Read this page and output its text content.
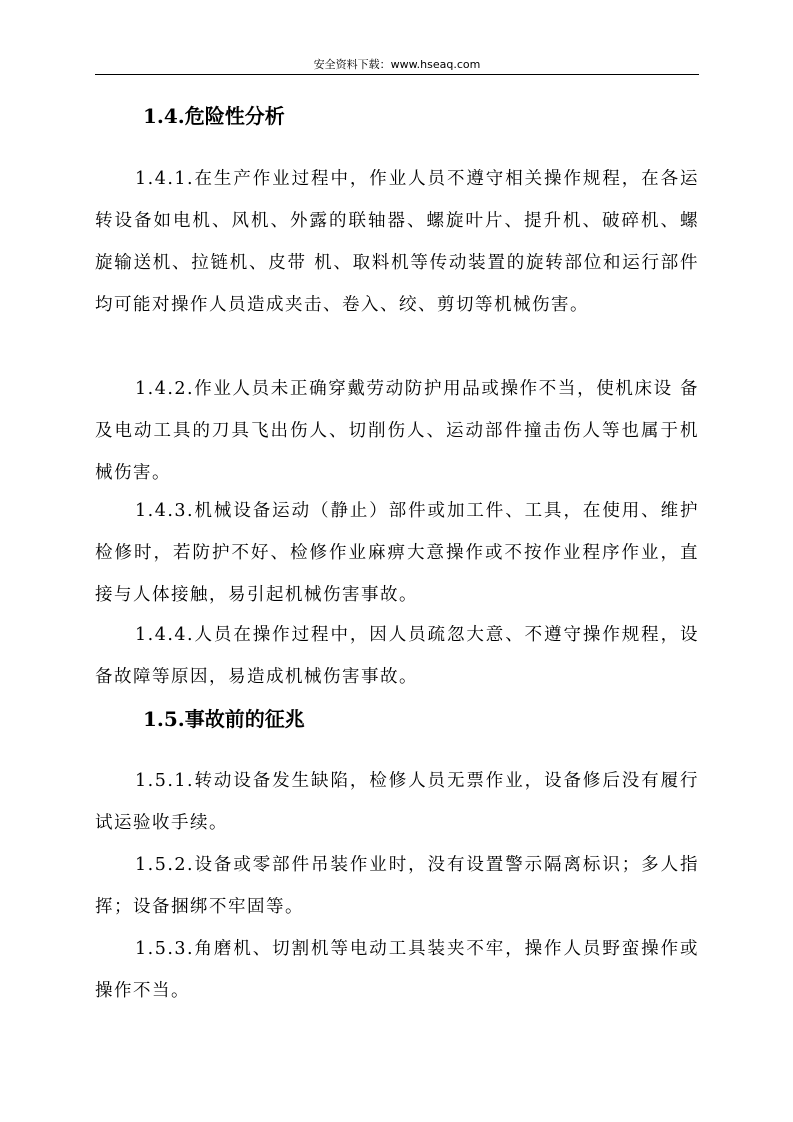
安全资料下载：www.hseaq.com
1.4.危险性分析
1.4.1.在生产作业过程中，作业人员不遵守相关操作规程，在各运转设备如电机、风机、外露的联轴器、螺旋叶片、提升机、破碎机、螺旋输送机、拉链机、皮带 机、取料机等传动装置的旋转部位和运行部件均可能对操作人员造成夹击、卷入、绞、剪切等机械伤害。
1.4.2.作业人员未正确穿戴劳动防护用品或操作不当，使机床设 备及电动工具的刀具飞出伤人、切削伤人、运动部件撞击伤人等也属于机械伤害。
1.4.3.机械设备运动（静止）部件或加工件、工具，在使用、维护检修时，若防护不好、检修作业麻痹大意操作或不按作业程序作业，直接与人体接触，易引起机械伤害事故。
1.4.4.人员在操作过程中，因人员疏忽大意、不遵守操作规程，设备故障等原因，易造成机械伤害事故。
1.5.事故前的征兆
1.5.1.转动设备发生缺陷，检修人员无票作业，设备修后没有履行试运验收手续。
1.5.2.设备或零部件吊装作业时，没有设置警示隔离标识；多人指挥；设备捆绑不牢固等。
1.5.3.角磨机、切割机等电动工具装夹不牢，操作人员野蛮操作或操作不当。
